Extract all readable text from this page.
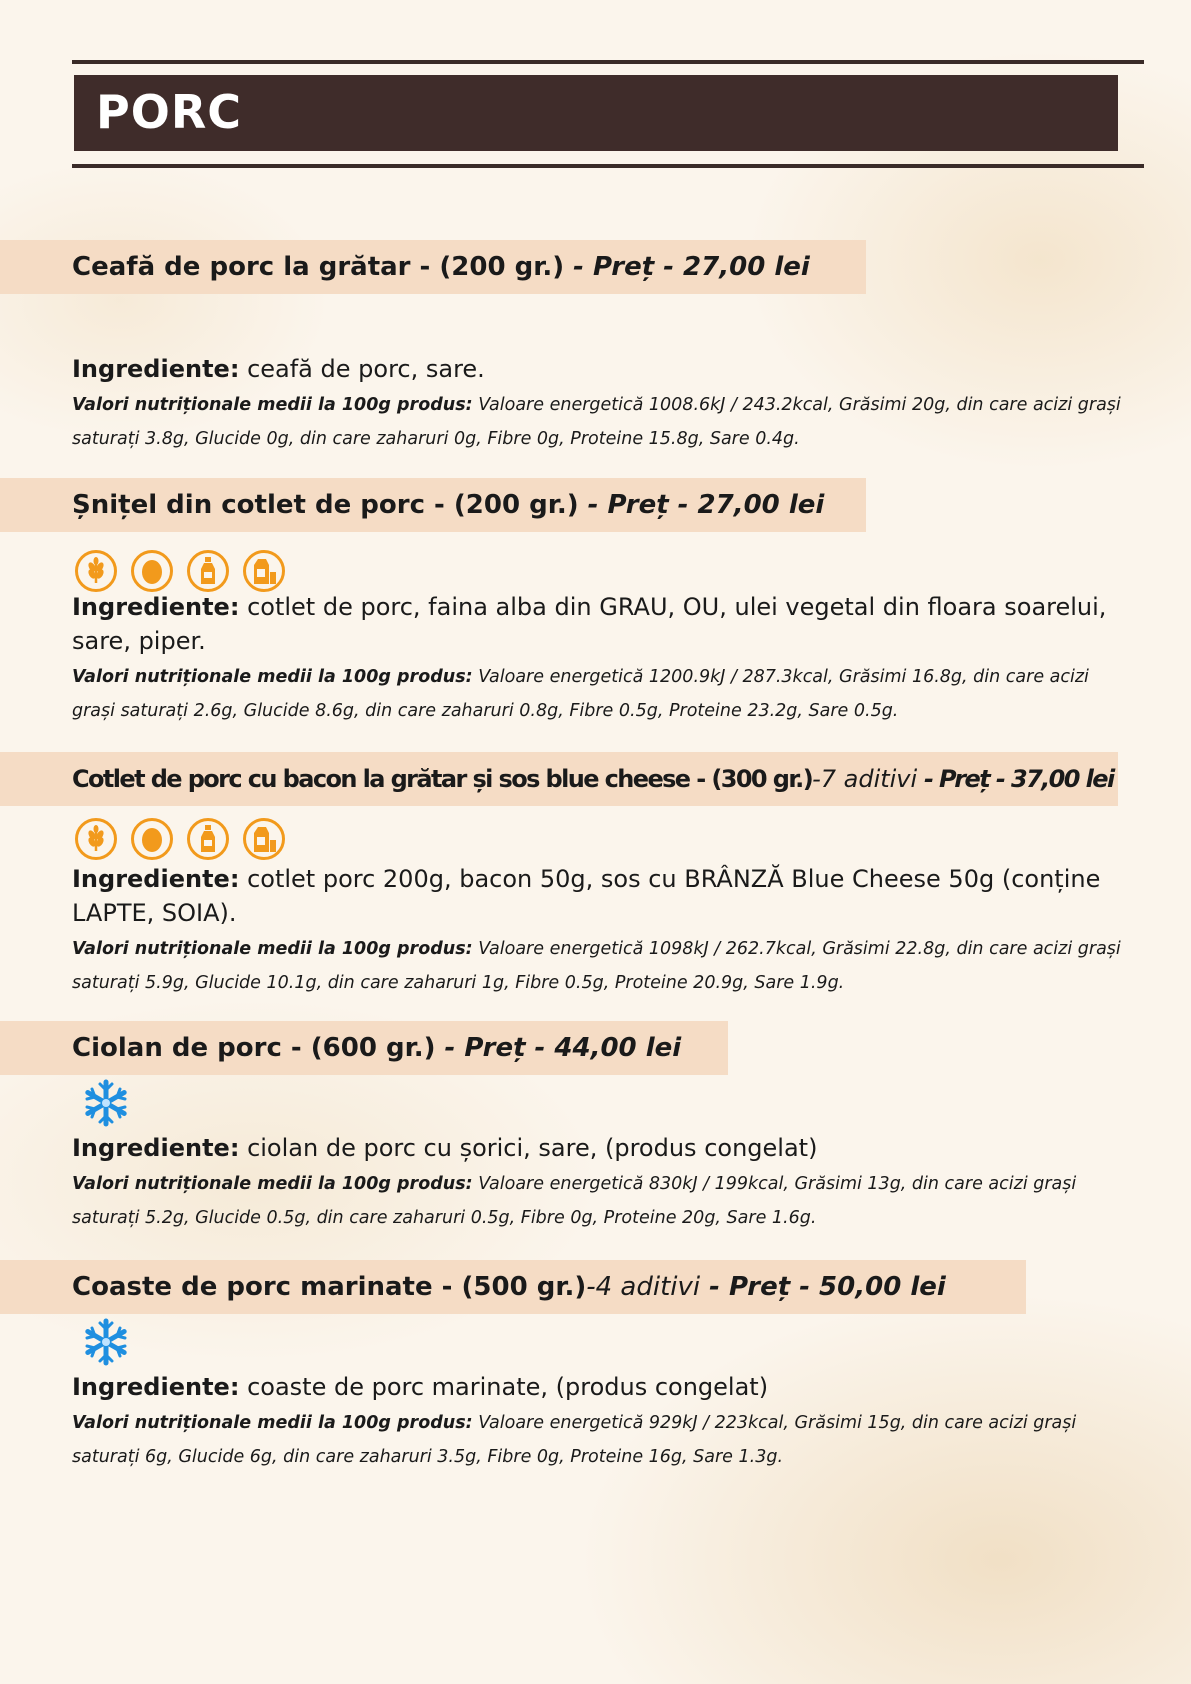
PORC
Ceafă de porc la grătar - (200 gr.) - Preț - 27,00 lei

Ingrediente: ceafă de porc, sare.

Valori nutriționale medii la 100g produs: Valoare energetică 1008.6kJ / 243.2kcal, Grăsimi 20g, din care acizi grași saturați 3.8g, Glucide 0g, din care zaharuri 0g, Fibre 0g, Proteine 15.8g, Sare 0.4g.

Șnițel din cotlet de porc - (200 gr.) - Preț - 27,00 lei

Ingrediente: cotlet de porc, faina alba din GRAU, OU, ulei vegetal din floara soarelui, sare, piper.

Valori nutriționale medii la 100g produs: Valoare energetică 1200.9kJ / 287.3kcal, Grăsimi 16.8g, din care acizi grași saturați 2.6g, Glucide 8.6g, din care zaharuri 0.8g, Fibre 0.5g, Proteine 23.2g, Sare 0.5g.

Cotlet de porc cu bacon la grătar și sos blue cheese - (300 gr.)-7 aditivi - Preț - 37,00 lei

Ingrediente: cotlet porc 200g, bacon 50g, sos cu BRÂNZĂ Blue Cheese 50g (conține LAPTE, SOIA).

Valori nutriționale medii la 100g produs: Valoare energetică 1098kJ / 262.7kcal, Grăsimi 22.8g, din care acizi grași saturați 5.9g, Glucide 10.1g, din care zaharuri 1g, Fibre 0.5g, Proteine 20.9g, Sare 1.9g.

Ciolan de porc - (600 gr.) - Preț - 44,00 lei

Ingrediente: ciolan de porc cu șorici, sare, (produs congelat)

Valori nutriționale medii la 100g produs: Valoare energetică 830kJ / 199kcal, Grăsimi 13g, din care acizi grași saturați 5.2g, Glucide 0.5g, din care zaharuri 0.5g, Fibre 0g, Proteine 20g, Sare 1.6g.

Coaste de porc marinate - (500 gr.)-4 aditivi - Preț - 50,00 lei

Ingrediente: coaste de porc marinate, (produs congelat)

Valori nutriționale medii la 100g produs: Valoare energetică 929kJ / 223kcal, Grăsimi 15g, din care acizi grași saturați 6g, Glucide 6g, din care zaharuri 3.5g, Fibre 0g, Proteine 16g, Sare 1.3g.
